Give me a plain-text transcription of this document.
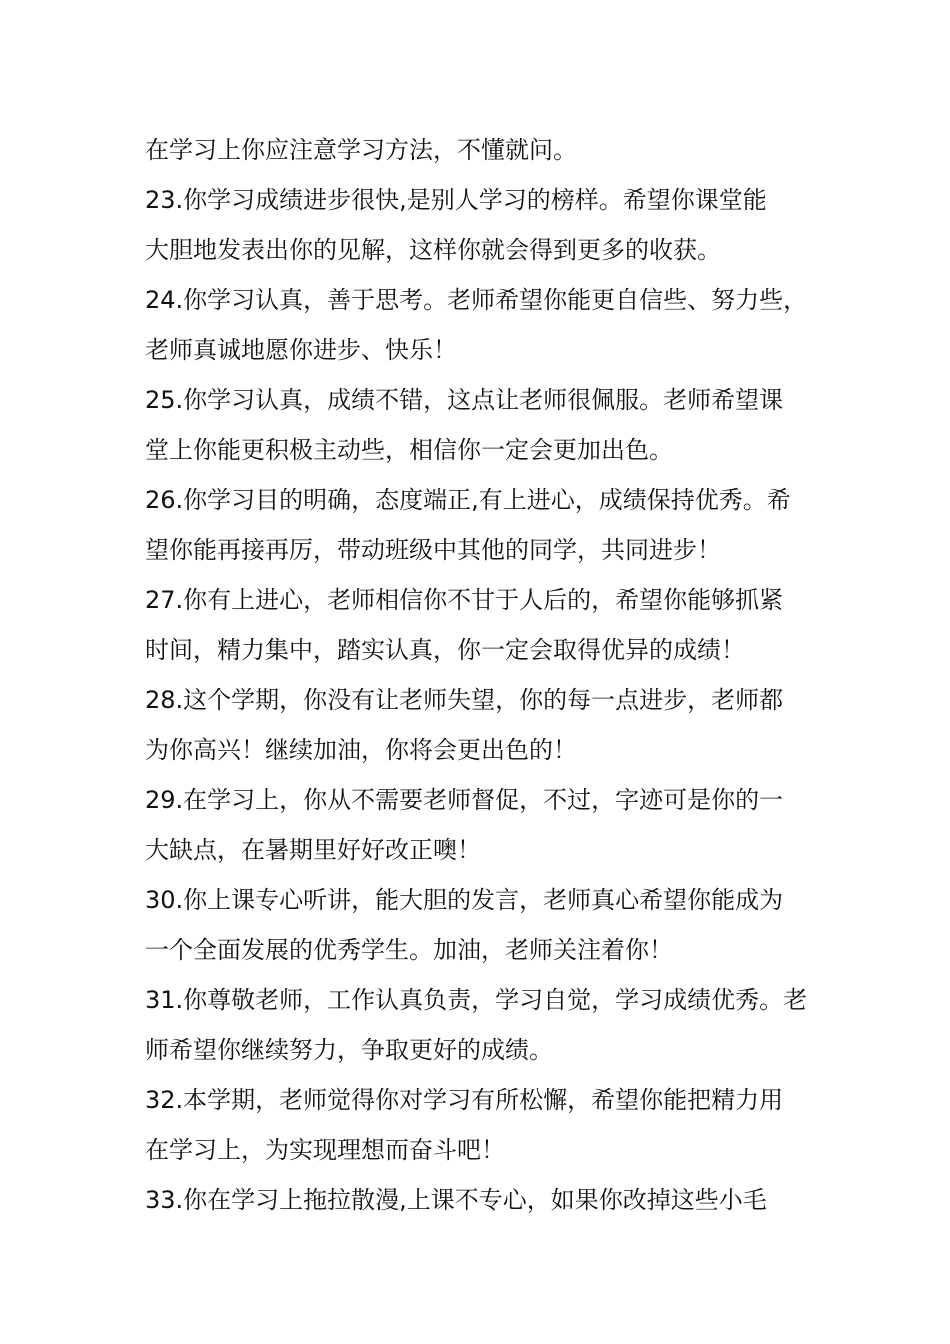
在学习上你应注意学习方法，不懂就问。
23.你学习成绩进步很快,是别人学习的榜样。希望你课堂能
大胆地发表出你的见解，这样你就会得到更多的收获。
24.你学习认真，善于思考。老师希望你能更自信些、努力些，
老师真诚地愿你进步、快乐！
25.你学习认真，成绩不错，这点让老师很佩服。老师希望课
堂上你能更积极主动些，相信你一定会更加出色。
26.你学习目的明确，态度端正,有上进心，成绩保持优秀。希
望你能再接再厉，带动班级中其他的同学，共同进步！
27.你有上进心，老师相信你不甘于人后的，希望你能够抓紧
时间，精力集中，踏实认真，你一定会取得优异的成绩！
28.这个学期，你没有让老师失望，你的每一点进步，老师都
为你高兴！继续加油，你将会更出色的！
29.在学习上，你从不需要老师督促，不过，字迹可是你的一
大缺点，在暑期里好好改正噢！
30.你上课专心听讲，能大胆的发言，老师真心希望你能成为
一个全面发展的优秀学生。加油，老师关注着你！
31.你尊敬老师，工作认真负责，学习自觉，学习成绩优秀。老
师希望你继续努力，争取更好的成绩。
32.本学期，老师觉得你对学习有所松懈，希望你能把精力用
在学习上，为实现理想而奋斗吧！
33.你在学习上拖拉散漫,上课不专心，如果你改掉这些小毛
